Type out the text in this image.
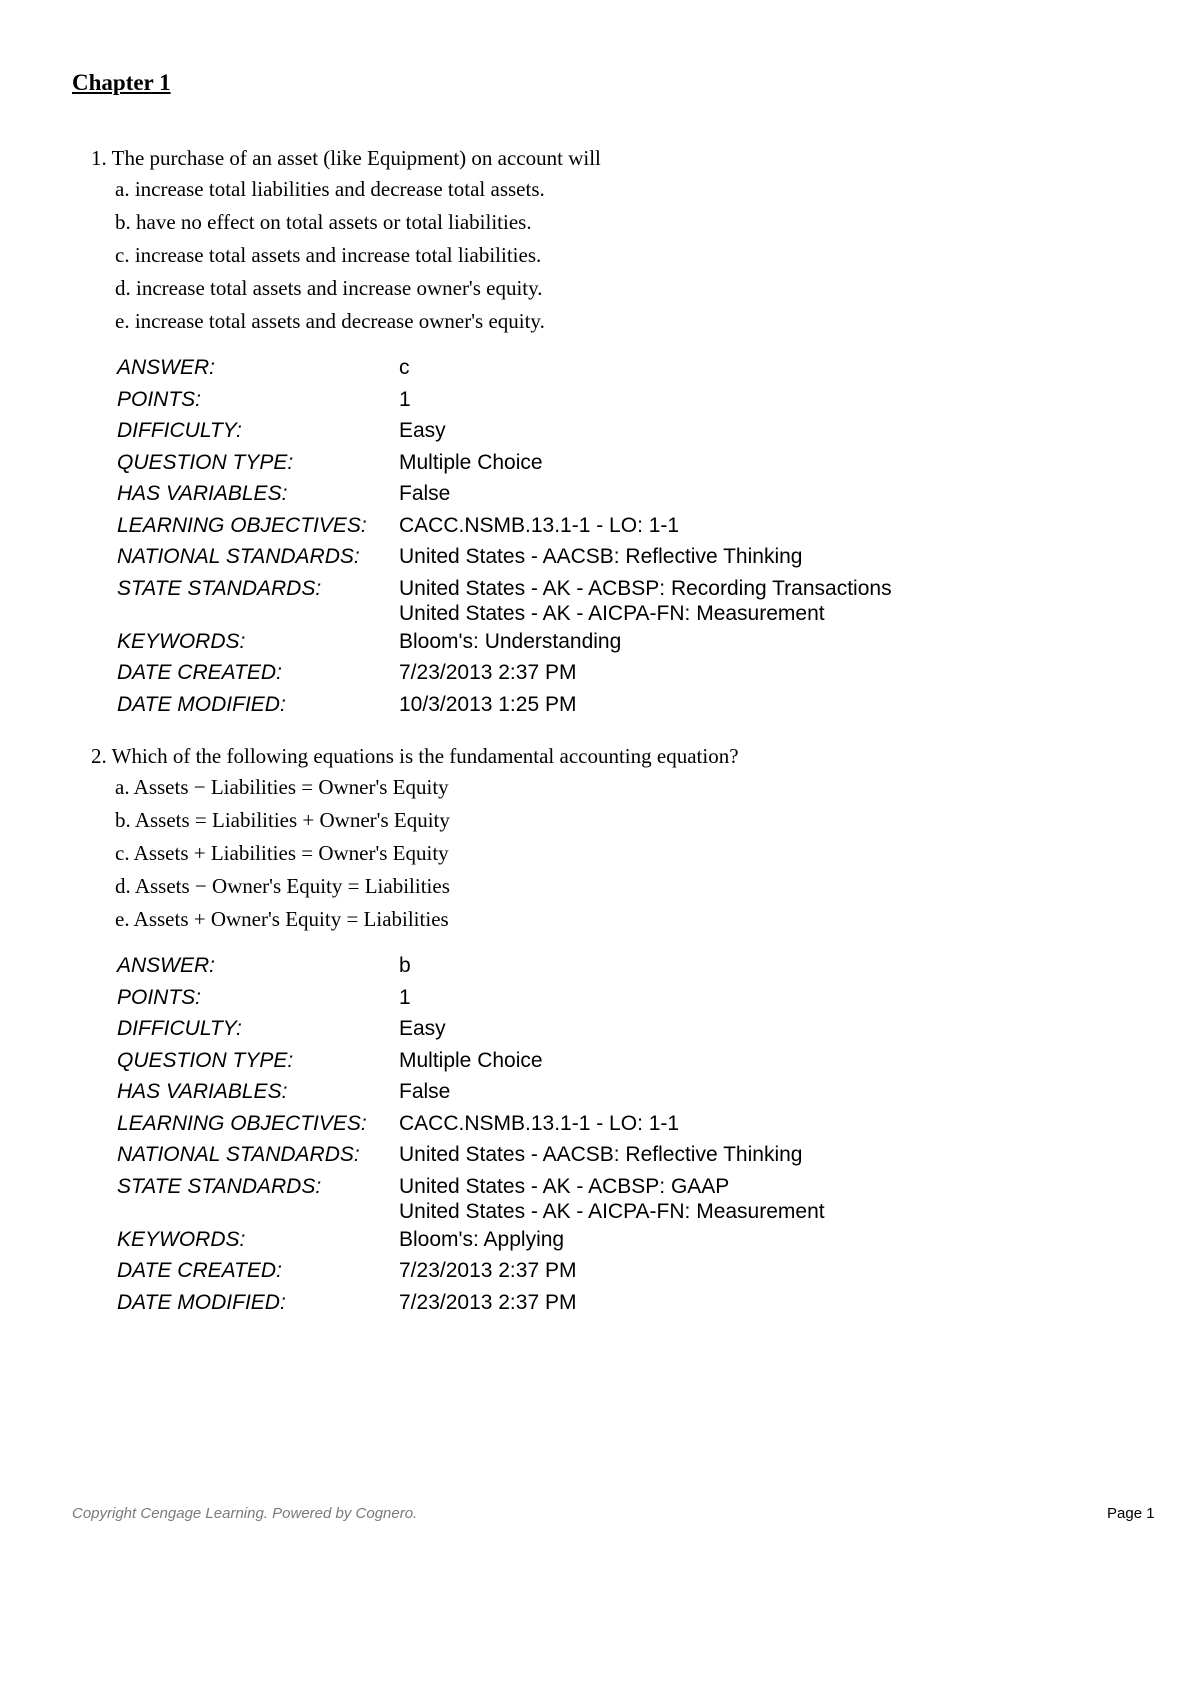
Chapter 1
1. The purchase of an asset (like Equipment) on account will
a. increase total liabilities and decrease total assets.
b. have no effect on total assets or total liabilities.
c. increase total assets and increase total liabilities.
d. increase total assets and increase owner's equity.
e. increase total assets and decrease owner's equity.
ANSWER:	c
POINTS:	1
DIFFICULTY:	Easy
QUESTION TYPE:	Multiple Choice
HAS VARIABLES:	False
LEARNING OBJECTIVES:	CACC.NSMB.13.1-1 - LO: 1-1
NATIONAL STANDARDS:	United States - AACSB: Reflective Thinking
STATE STANDARDS:	United States - AK - ACBSP: Recording Transactions
United States - AK - AICPA-FN: Measurement
KEYWORDS:	Bloom's: Understanding
DATE CREATED:	7/23/2013 2:37 PM
DATE MODIFIED:	10/3/2013 1:25 PM
2. Which of the following equations is the fundamental accounting equation?
a. Assets − Liabilities = Owner's Equity
b. Assets = Liabilities + Owner's Equity
c. Assets + Liabilities = Owner's Equity
d. Assets − Owner's Equity = Liabilities
e. Assets + Owner's Equity = Liabilities
ANSWER:	b
POINTS:	1
DIFFICULTY:	Easy
QUESTION TYPE:	Multiple Choice
HAS VARIABLES:	False
LEARNING OBJECTIVES:	CACC.NSMB.13.1-1 - LO: 1-1
NATIONAL STANDARDS:	United States - AACSB: Reflective Thinking
STATE STANDARDS:	United States - AK - ACBSP: GAAP
United States - AK - AICPA-FN: Measurement
KEYWORDS:	Bloom's: Applying
DATE CREATED:	7/23/2013 2:37 PM
DATE MODIFIED:	7/23/2013 2:37 PM
Copyright Cengage Learning. Powered by Cognero.	Page 1
